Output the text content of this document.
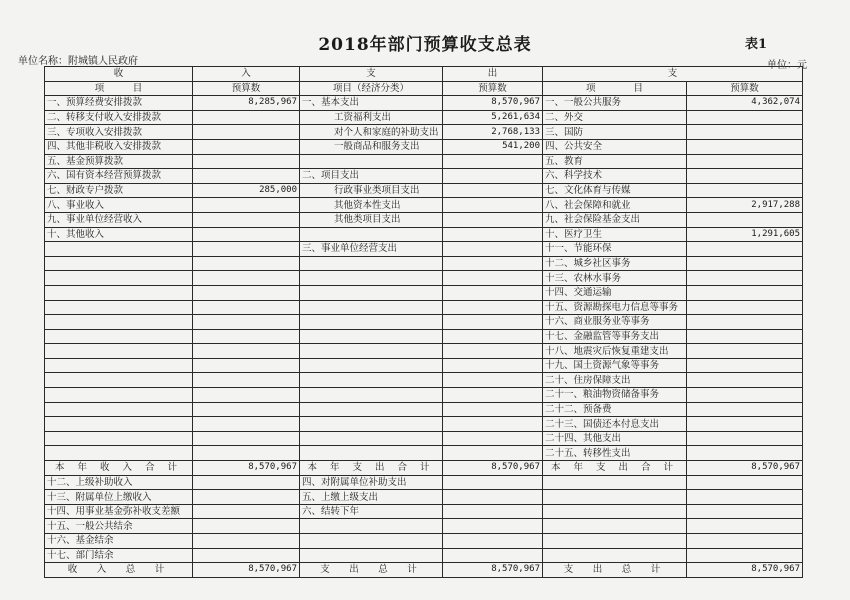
2018年部门预算收支总表	表1
单位名称：附城镇人民政府	单位：元
收	入	支	出	支	
项　　　目	预算数	项目（经济分类）	预算数	项　　　　目	预算数
一、预算经费安排拨款	8,285,967	一、基本支出	8,570,967	一、一般公共服务	4,362,074
二、转移支付收入安排拨款		工资福利支出	5,261,634	二、外交	
三、专项收入安排拨款		对个人和家庭的补助支出	2,768,133	三、国防	
四、其他非税收入安排拨款		一般商品和服务支出	541,200	四、公共安全	
五、基金预算拨款				五、教育	
六、国有资本经营预算拨款		二、项目支出		六、科学技术	
七、财政专户拨款	285,000	行政事业类项目支出		七、文化体育与传媒	
八、事业收入		其他资本性支出		八、社会保障和就业	2,917,288
九、事业单位经营收入		其他类项目支出		九、社会保险基金支出	
十、其他收入				十、医疗卫生	1,291,605
		三、事业单位经营支出		十一、节能环保	
				十二、城乡社区事务	
				十三、农林水事务	
				十四、交通运输	
				十五、资源勘探电力信息等事务	
				十六、商业服务业等事务	
				十七、金融监管等事务支出	
				十八、地震灾后恢复重建支出	
				十九、国土资源气象等事务	
				二十、住房保障支出	
				二十一、粮油物资储备事务	
				二十二、预备费	
				二十三、国债还本付息支出	
				二十四、其他支出	
				二十五、转移性支出	
本 年 收 入 合 计	8,570,967	本 年 支 出 合 计	8,570,967	本 年 支 出 合 计	8,570,967
十二、上级补助收入		四、对附属单位补助支出			
十三、附属单位上缴收入		五、上缴上级支出			
十四、用事业基金弥补收支差额		六、结转下年			
十五、一般公共结余					
十六、基金结余					
十七、部门结余					
收　入　总　计	8,570,967	支　出　总　计	8,570,967	支　出　总　计	8,570,967
